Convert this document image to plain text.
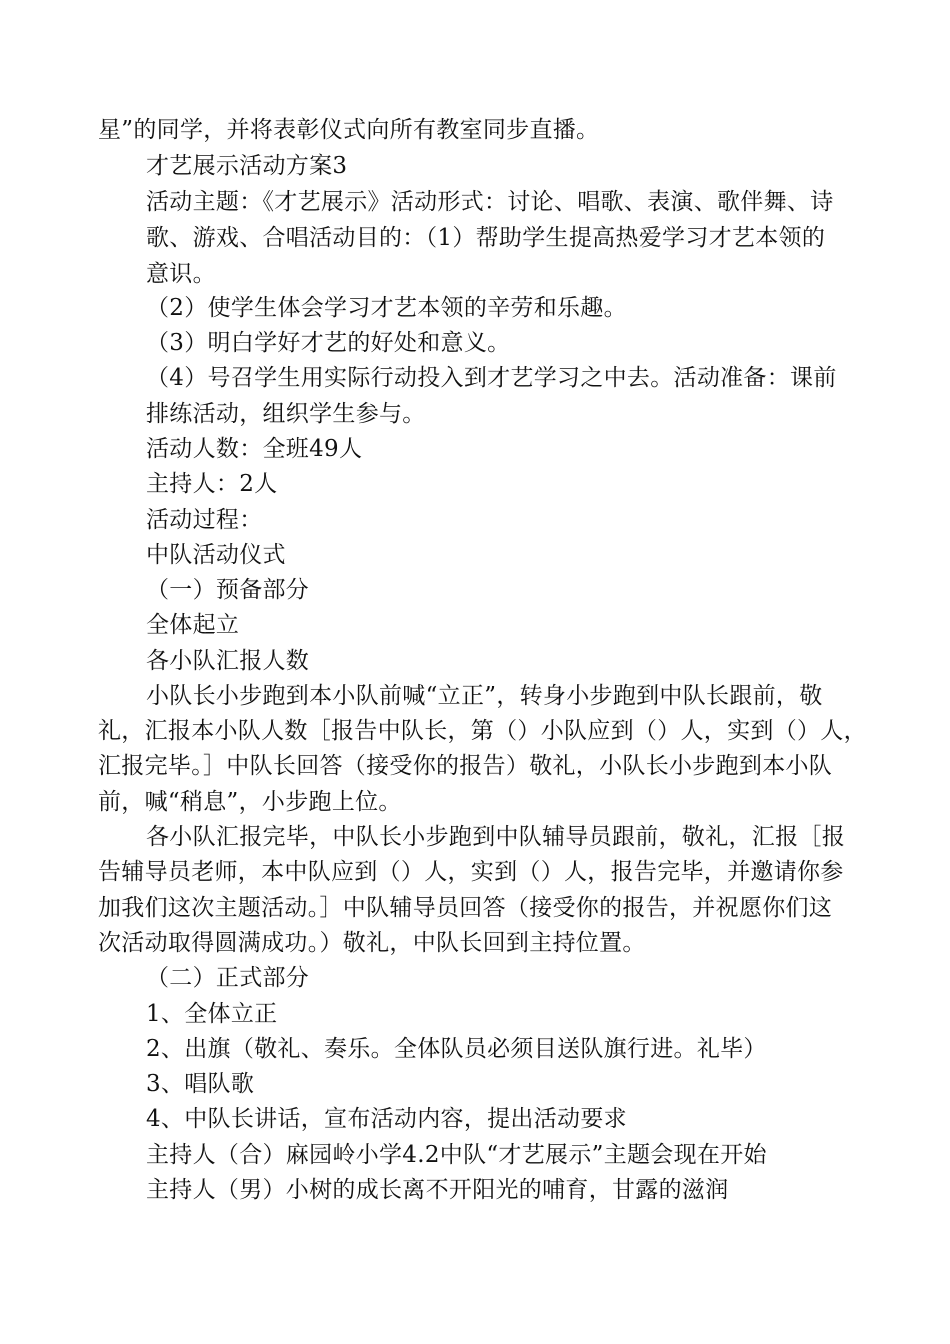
星”的同学，并将表彰仪式向所有教室同步直播。
才艺展示活动方案3
活动主题：《才艺展示》活动形式：讨论、唱歌、表演、歌伴舞、诗
歌、游戏、合唱活动目的：（1）帮助学生提高热爱学习才艺本领的
意识。
（2）使学生体会学习才艺本领的辛劳和乐趣。
（3）明白学好才艺的好处和意义。
（4）号召学生用实际行动投入到才艺学习之中去。活动准备：课前
排练活动，组织学生参与。
活动人数：全班49人
主持人：2人
活动过程：
中队活动仪式
（一）预备部分
全体起立
各小队汇报人数
小队长小步跑到本小队前喊“立正”，转身小步跑到中队长跟前，敬
礼，汇报本小队人数［报告中队长，第（）小队应到（）人，实到（）人，
汇报完毕。］中队长回答（接受你的报告）敬礼，小队长小步跑到本小队
前，喊“稍息”，小步跑上位。
各小队汇报完毕，中队长小步跑到中队辅导员跟前，敬礼，汇报［报
告辅导员老师，本中队应到（）人，实到（）人，报告完毕，并邀请你参
加我们这次主题活动。］中队辅导员回答（接受你的报告，并祝愿你们这
次活动取得圆满成功。）敬礼，中队长回到主持位置。
（二）正式部分
1、全体立正
2、出旗（敬礼、奏乐。全体队员必须目送队旗行进。礼毕）
3、唱队歌
4、中队长讲话，宣布活动内容，提出活动要求
主持人（合）麻园岭小学4.2中队“才艺展示”主题会现在开始
主持人（男）小树的成长离不开阳光的哺育，甘露的滋润
